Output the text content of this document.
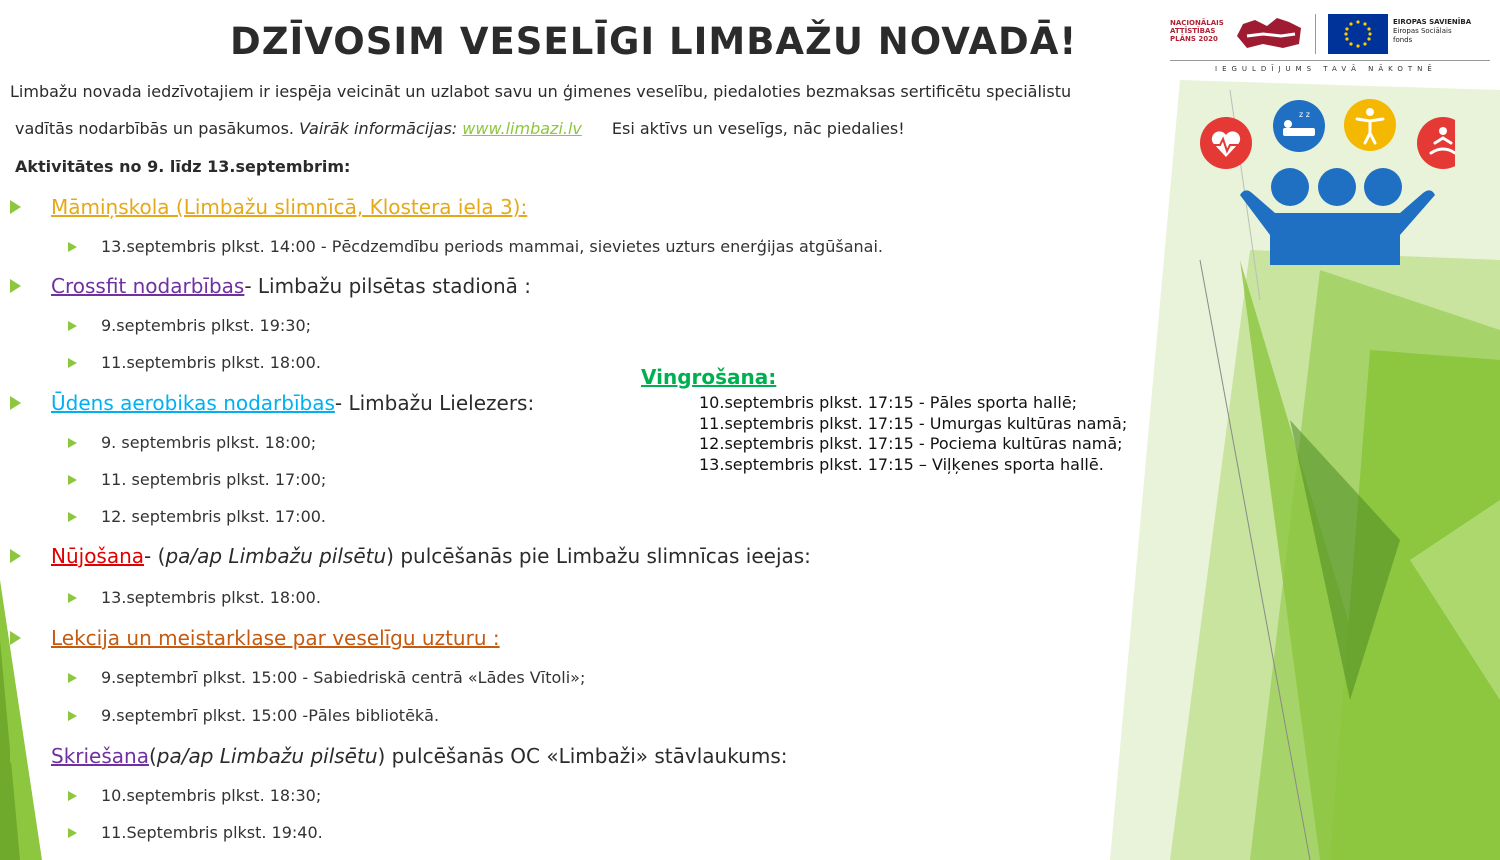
DZĪVOSIM VESELĪGI LIMBAŽU NOVADĀ!
Limbažu novada iedzīvotajiem ir iespēja veicināt un uzlabot savu un ģimenes veselību, piedaloties bezmaksas sertificētu speciālistu
vadītās nodarbībās un pasākumos. Vairāk informācijas: www.limbazi.lv Esi aktīvs un veselīgs, nāc piedalies!
Aktivitātes no 9. līdz 13.septembrim:
Māmiņskola (Limbažu slimnīcā, Klostera iela 3):
13.septembris plkst. 14:00 - Pēcdzemdību periods mammai, sievietes uzturs enerģijas atgūšanai.
Crossfit nodarbības - Limbažu pilsētas stadionā :
9.septembris plkst. 19:30;
11.septembris plkst. 18:00.
Ūdens aerobikas nodarbības - Limbažu Lielezers:
9. septembris plkst. 18:00;
11. septembris plkst. 17:00;
12. septembris plkst. 17:00.
Nūjošana - ( pa/ap Limbažu pilsētu ) pulcēšanās pie Limbažu slimnīcas ieejas:
13.septembris plkst. 18:00.
Lekcija un meistarklase par veselīgu uzturu :
9.septembrī plkst. 15:00 - Sabiedriskā centrā «Lādes Vītoli»;
9.septembrī plkst. 15:00 -Pāles bibliotēkā.
Skriešana ( pa/ap Limbažu pilsētu ) pulcēšanās OC «Limbaži» stāvlaukums:
10.septembris plkst. 18:30;
11.Septembris plkst. 19:40.
Vingrošana:
10.septembris plkst. 17:15 - Pāles sporta hallē;
11.septembris plkst. 17:15 - Umurgas kultūras namā;
12.septembris plkst. 17:15 - Pociema kultūras namā;
13.septembris plkst. 17:15 – Viļķenes sporta hallē.
NACIONĀLAIS
ATTĪSTĪBAS
PLĀNS 2020
EIROPAS SAVIENĪBA
Eiropas Sociālais
fonds
IEGULDĪJUMS TAVĀ NĀKOTNĒ
z z
